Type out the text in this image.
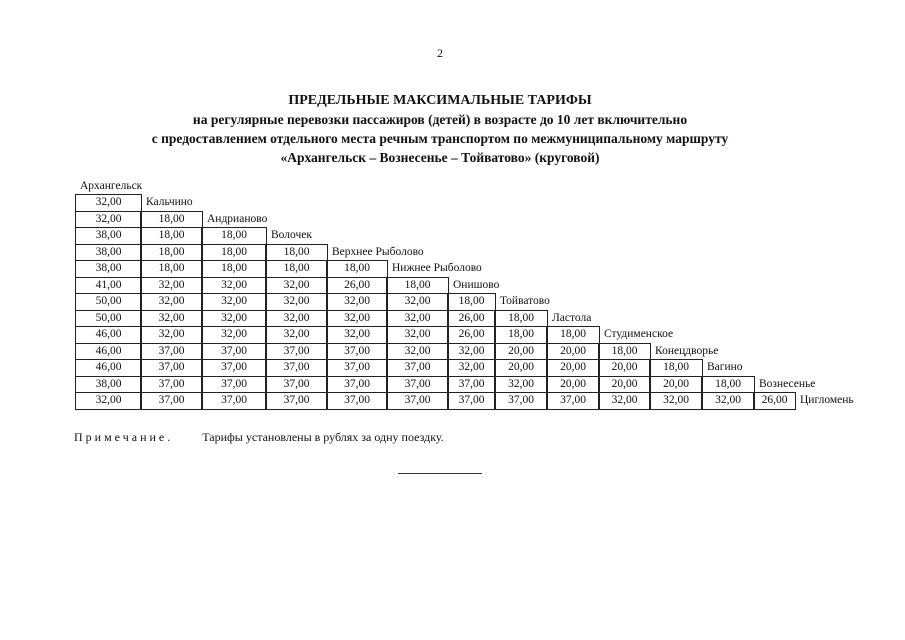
2
ПРЕДЕЛЬНЫЕ МАКСИМАЛЬНЫЕ ТАРИФЫ
на регулярные перевозки пассажиров (детей) в возрасте до 10 лет включительно
с предоставлением отдельного места речным транспортом по межмуниципальному маршруту
«Архангельск – Вознесенье – Тойватово» (круговой)
Архангельск
32,00	Кальчино
32,00	18,00	Андрианово
38,00	18,00	18,00	Волочек
38,00	18,00	18,00	18,00	Верхнее Рыболово
38,00	18,00	18,00	18,00	18,00	Нижнее Рыболово
41,00	32,00	32,00	32,00	26,00	18,00	Онишово
50,00	32,00	32,00	32,00	32,00	32,00	18,00	Тойватово
50,00	32,00	32,00	32,00	32,00	32,00	26,00	18,00	Ластола
46,00	32,00	32,00	32,00	32,00	32,00	26,00	18,00	18,00	Студименское
46,00	37,00	37,00	37,00	37,00	32,00	32,00	20,00	20,00	18,00	Конецдворье
46,00	37,00	37,00	37,00	37,00	37,00	32,00	20,00	20,00	20,00	18,00	Вагино
38,00	37,00	37,00	37,00	37,00	37,00	37,00	32,00	20,00	20,00	20,00	18,00	Вознесенье
32,00	37,00	37,00	37,00	37,00	37,00	37,00	37,00	37,00	32,00	32,00	32,00	26,00	Цигломень
Примечание. Тарифы установлены в рублях за одну поездку.
